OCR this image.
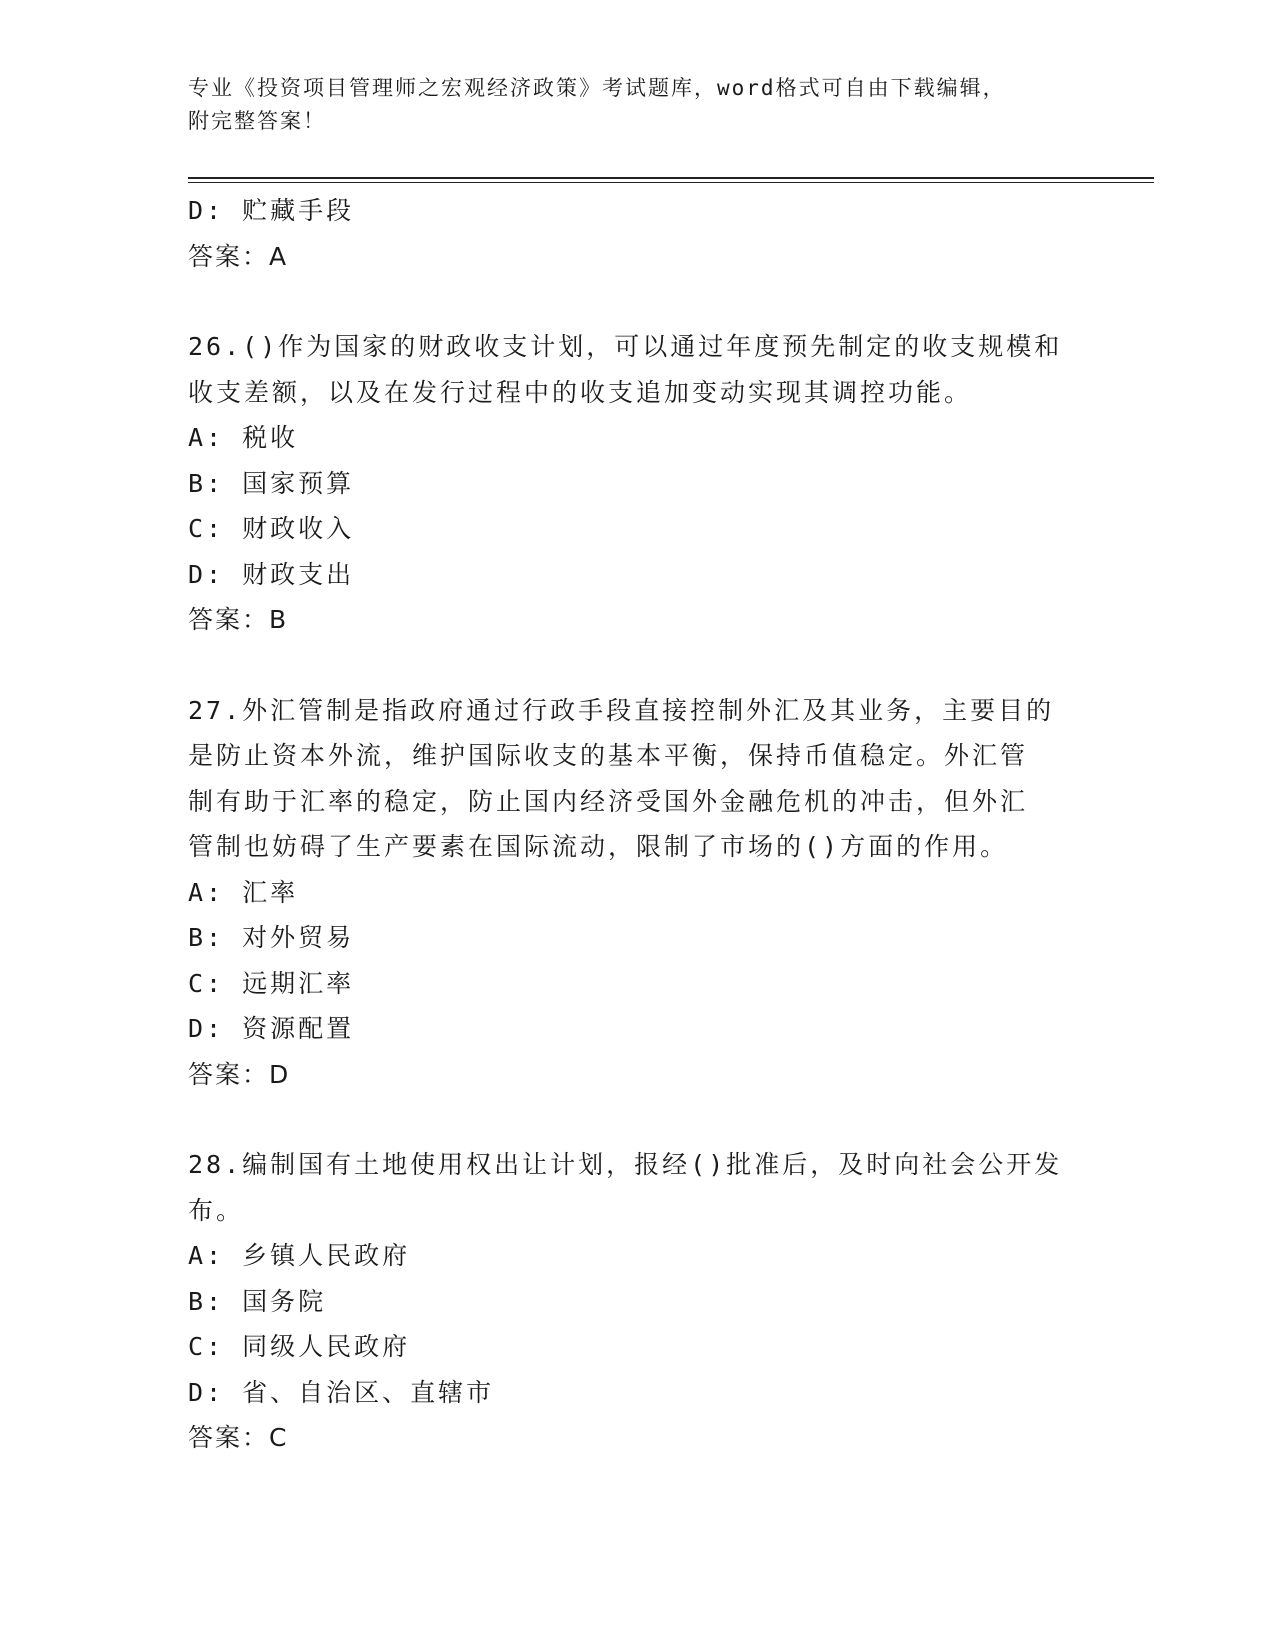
专业《投资项目管理师之宏观经济政策》考试题库，word格式可自由下载编辑，
附完整答案！
D: 贮藏手段
答案：A
26.()作为国家的财政收支计划，可以通过年度预先制定的收支规模和
收支差额，以及在发行过程中的收支追加变动实现其调控功能。
A: 税收
B: 国家预算
C: 财政收入
D: 财政支出
答案：B
27.外汇管制是指政府通过行政手段直接控制外汇及其业务，主要目的
是防止资本外流，维护国际收支的基本平衡，保持币值稳定。外汇管
制有助于汇率的稳定，防止国内经济受国外金融危机的冲击，但外汇
管制也妨碍了生产要素在国际流动，限制了市场的()方面的作用。
A: 汇率
B: 对外贸易
C: 远期汇率
D: 资源配置
答案：D
28.编制国有土地使用权出让计划，报经()批准后，及时向社会公开发
布。
A: 乡镇人民政府
B: 国务院
C: 同级人民政府
D: 省、自治区、直辖市
答案：C
